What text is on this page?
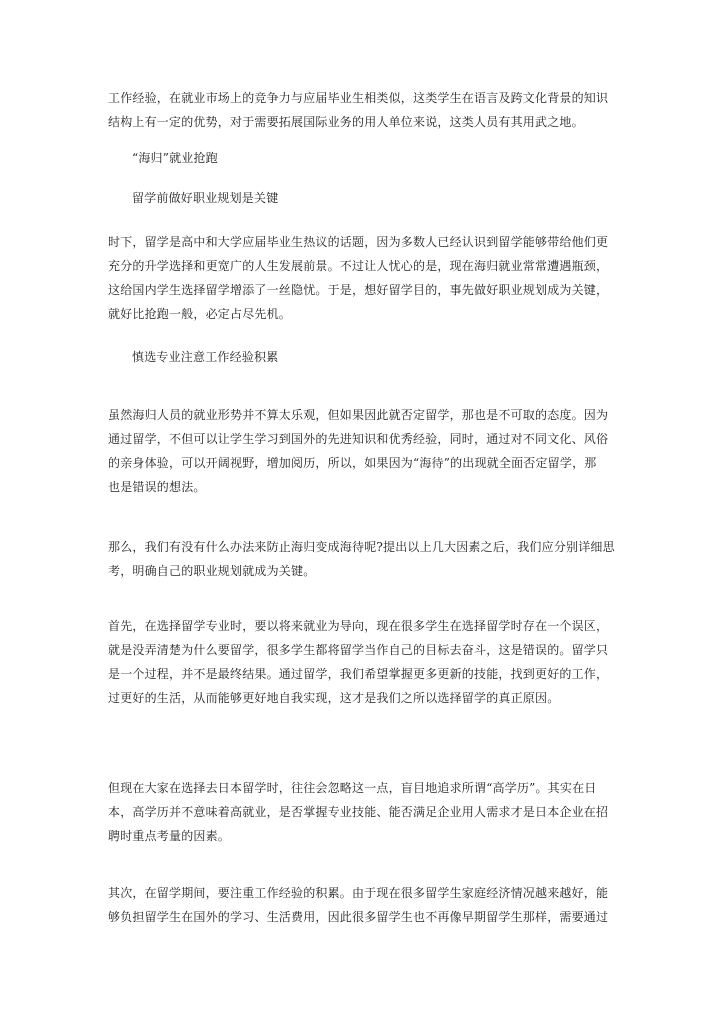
工作经验，在就业市场上的竞争力与应届毕业生相类似，这类学生在语言及跨文化背景的知识
结构上有一定的优势，对于需要拓展国际业务的用人单位来说，这类人员有其用武之地。
“海归”就业抢跑
留学前做好职业规划是关键
时下，留学是高中和大学应届毕业生热议的话题，因为多数人已经认识到留学能够带给他们更
充分的升学选择和更宽广的人生发展前景。不过让人忧心的是，现在海归就业常常遭遇瓶颈，
这给国内学生选择留学增添了一丝隐忧。于是，想好留学目的，事先做好职业规划成为关键，
就好比抢跑一般，必定占尽先机。
慎选专业注意工作经验积累
虽然海归人员的就业形势并不算太乐观，但如果因此就否定留学，那也是不可取的态度。因为
通过留学，不但可以让学生学习到国外的先进知识和优秀经验，同时，通过对不同文化、风俗
的亲身体验，可以开阔视野，增加阅历，所以，如果因为“海待”的出现就全面否定留学，那
也是错误的想法。
那么，我们有没有什么办法来防止海归变成海待呢?提出以上几大因素之后，我们应分别详细思
考，明确自己的职业规划就成为关键。
首先，在选择留学专业时，要以将来就业为导向，现在很多学生在选择留学时存在一个误区，
就是没弄清楚为什么要留学，很多学生都将留学当作自己的目标去奋斗，这是错误的。留学只
是一个过程，并不是最终结果。通过留学，我们希望掌握更多更新的技能，找到更好的工作，
过更好的生活，从而能够更好地自我实现，这才是我们之所以选择留学的真正原因。
但现在大家在选择去日本留学时，往往会忽略这一点，盲目地追求所谓“高学历”。其实在日
本，高学历并不意味着高就业，是否掌握专业技能、能否满足企业用人需求才是日本企业在招
聘时重点考量的因素。
其次，在留学期间，要注重工作经验的积累。由于现在很多留学生家庭经济情况越来越好，能
够负担留学生在国外的学习、生活费用，因此很多留学生也不再像早期留学生那样，需要通过
